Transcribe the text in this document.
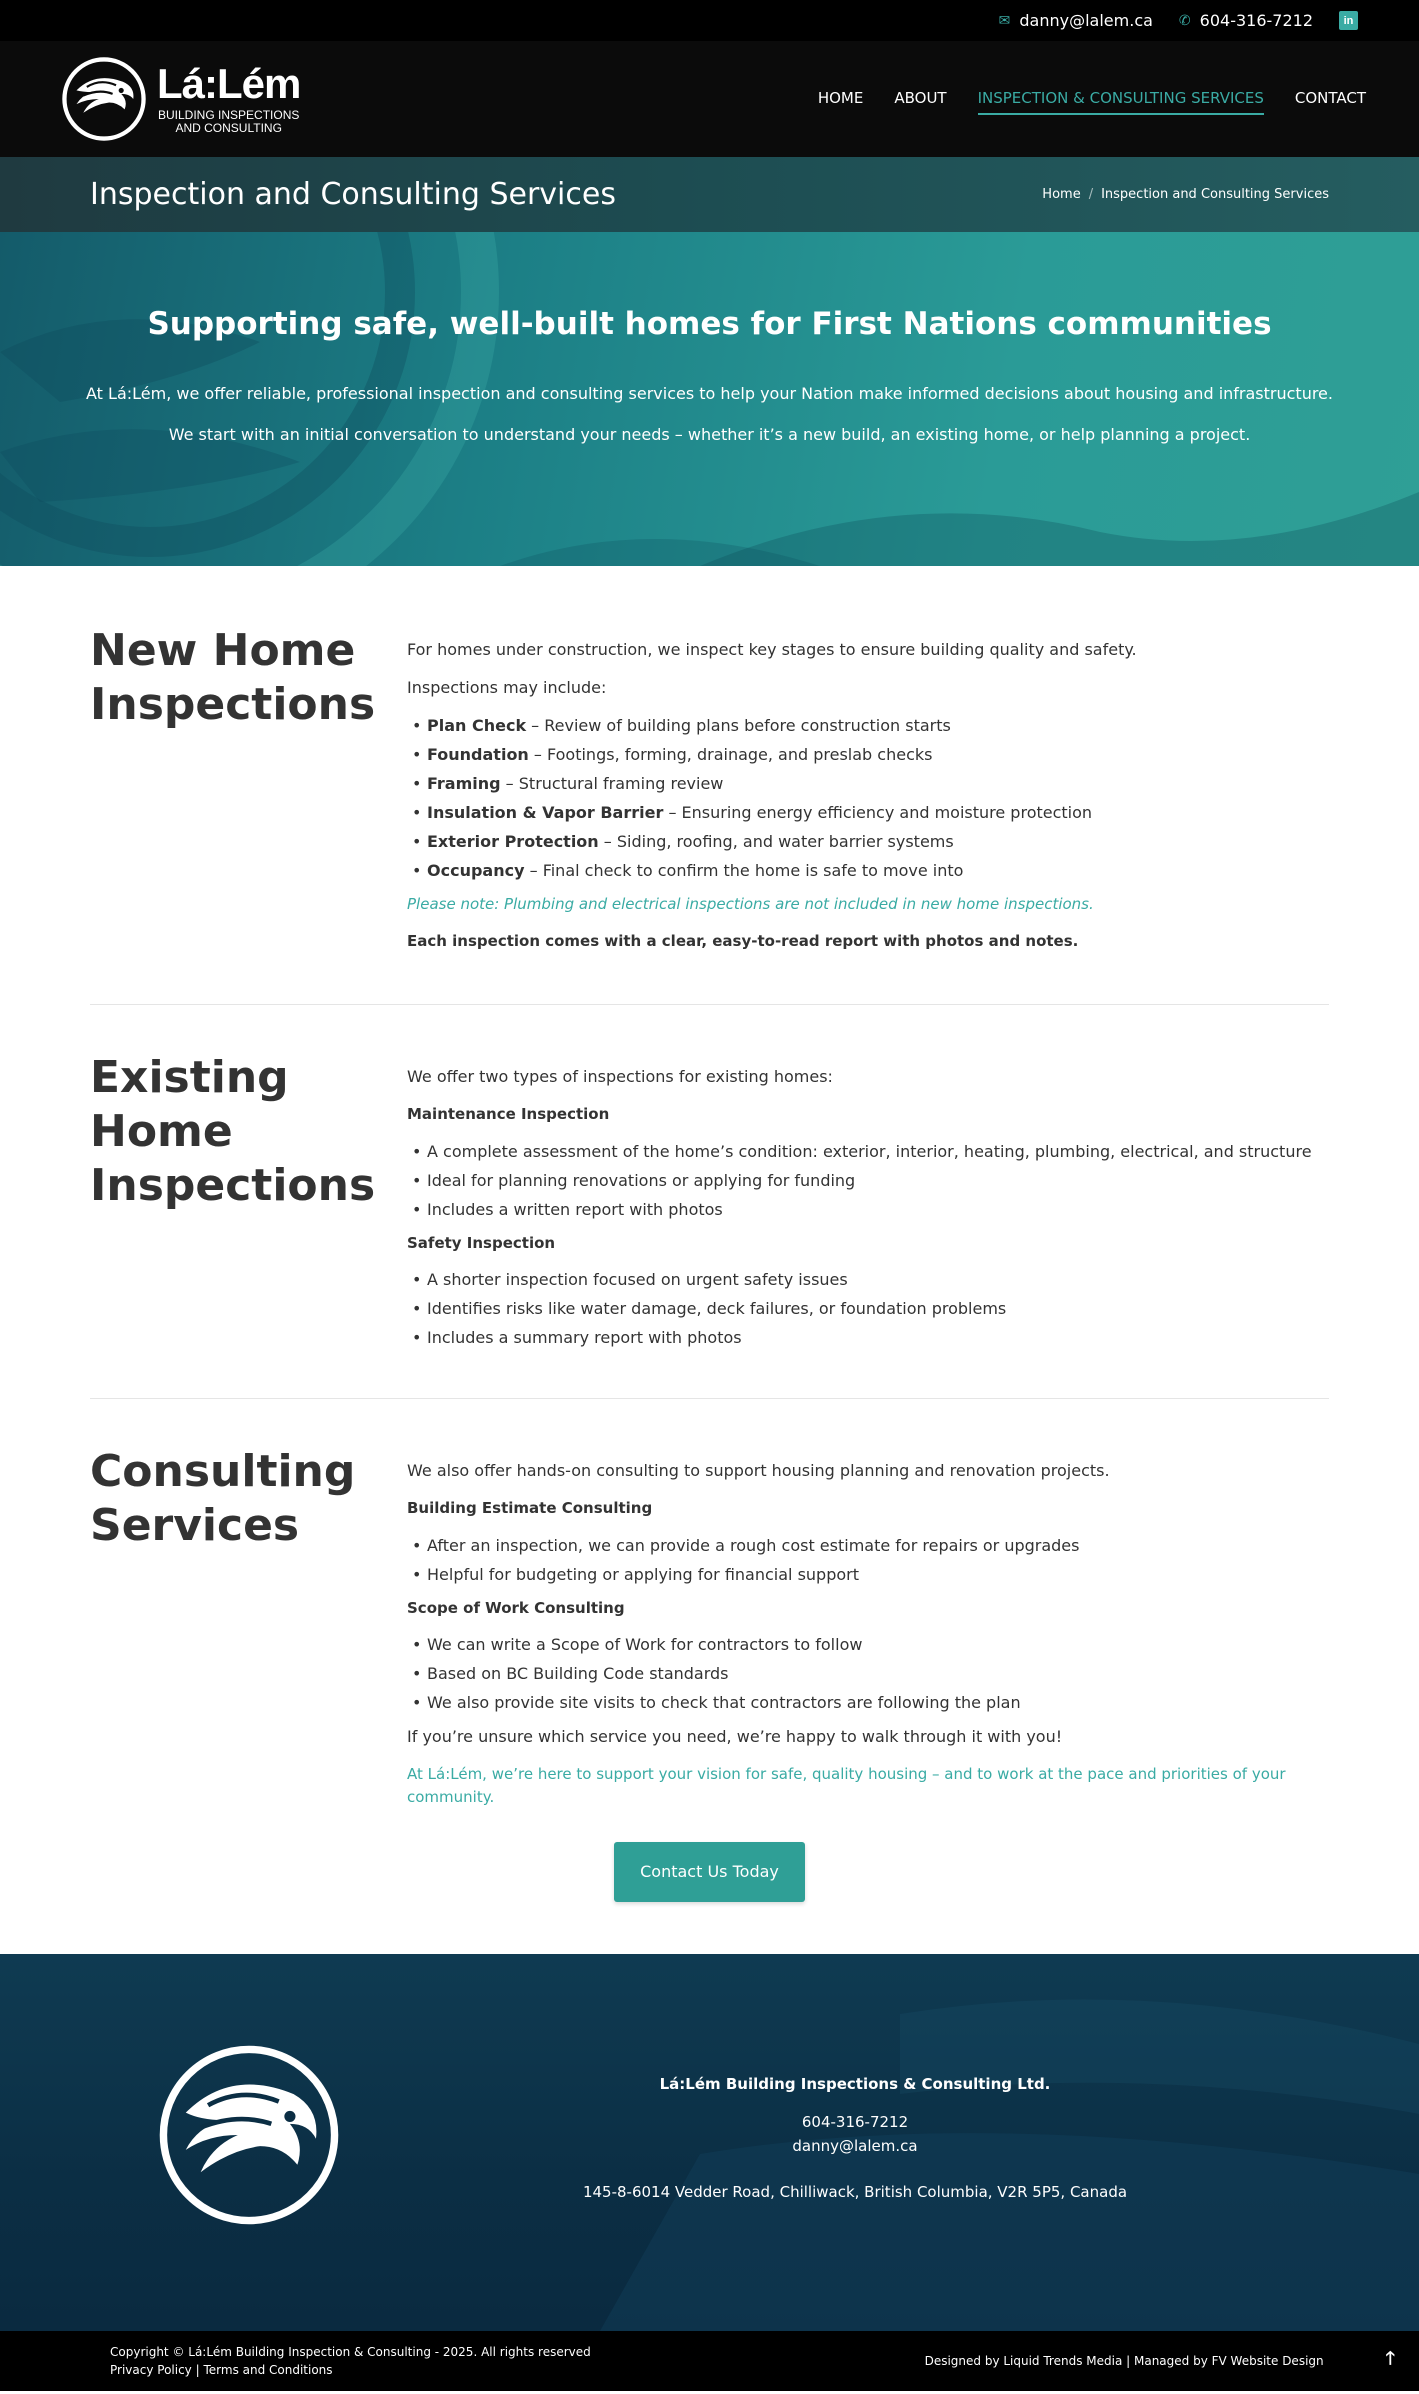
✉ danny@lalem.ca ✆ 604-316-7212	in
Lá:Lém
BUILDING INSPECTIONS
AND CONSULTING
HOME ABOUT INSPECTION & CONSULTING SERVICES CONTACT
Inspection and Consulting Services	Home / Inspection and Consulting Services
Supporting safe, well-built homes for First Nations communities

At Lá:Lém, we offer reliable, professional inspection and consulting services to help your Nation make informed decisions about housing and infrastructure.

We start with an initial conversation to understand your needs – whether it’s a new build, an existing home, or help planning a project.

New Home Inspections

For homes under construction, we inspect key stages to ensure building quality and safety.

Inspections may include:

• Plan Check – Review of building plans before construction starts
• Foundation – Footings, forming, drainage, and preslab checks
• Framing – Structural framing review
• Insulation & Vapor Barrier – Ensuring energy efficiency and moisture protection
• Exterior Protection – Siding, roofing, and water barrier systems
• Occupancy – Final check to confirm the home is safe to move into

Please note: Plumbing and electrical inspections are not included in new home inspections.

Each inspection comes with a clear, easy-to-read report with photos and notes.

Existing Home Inspections

We offer two types of inspections for existing homes:

Maintenance Inspection

• A complete assessment of the home’s condition: exterior, interior, heating, plumbing, electrical, and structure
• Ideal for planning renovations or applying for funding
• Includes a written report with photos

Safety Inspection

• A shorter inspection focused on urgent safety issues
• Identifies risks like water damage, deck failures, or foundation problems
• Includes a summary report with photos
Consulting Services

We also offer hands-on consulting to support housing planning and renovation projects.

Building Estimate Consulting

• After an inspection, we can provide a rough cost estimate for repairs or upgrades
• Helpful for budgeting or applying for financial support

Scope of Work Consulting

• We can write a Scope of Work for contractors to follow
• Based on BC Building Code standards
• We also provide site visits to check that contractors are following the plan

If you’re unsure which service you need, we’re happy to walk through it with you!

At Lá:Lém, we’re here to support your vision for safe, quality housing – and to work at the pace and priorities of your community.

Contact Us Today
Lá:Lém Building Inspections & Consulting Ltd.
604-316-7212
danny@lalem.ca
145-8-6014 Vedder Road, Chilliwack, British Columbia, V2R 5P5, Canada
Copyright © Lá:Lém Building Inspection & Consulting - 2025. All rights reserved
Privacy Policy | Terms and Conditions
Designed by Liquid Trends Media | Managed by FV Website Design	🡑
